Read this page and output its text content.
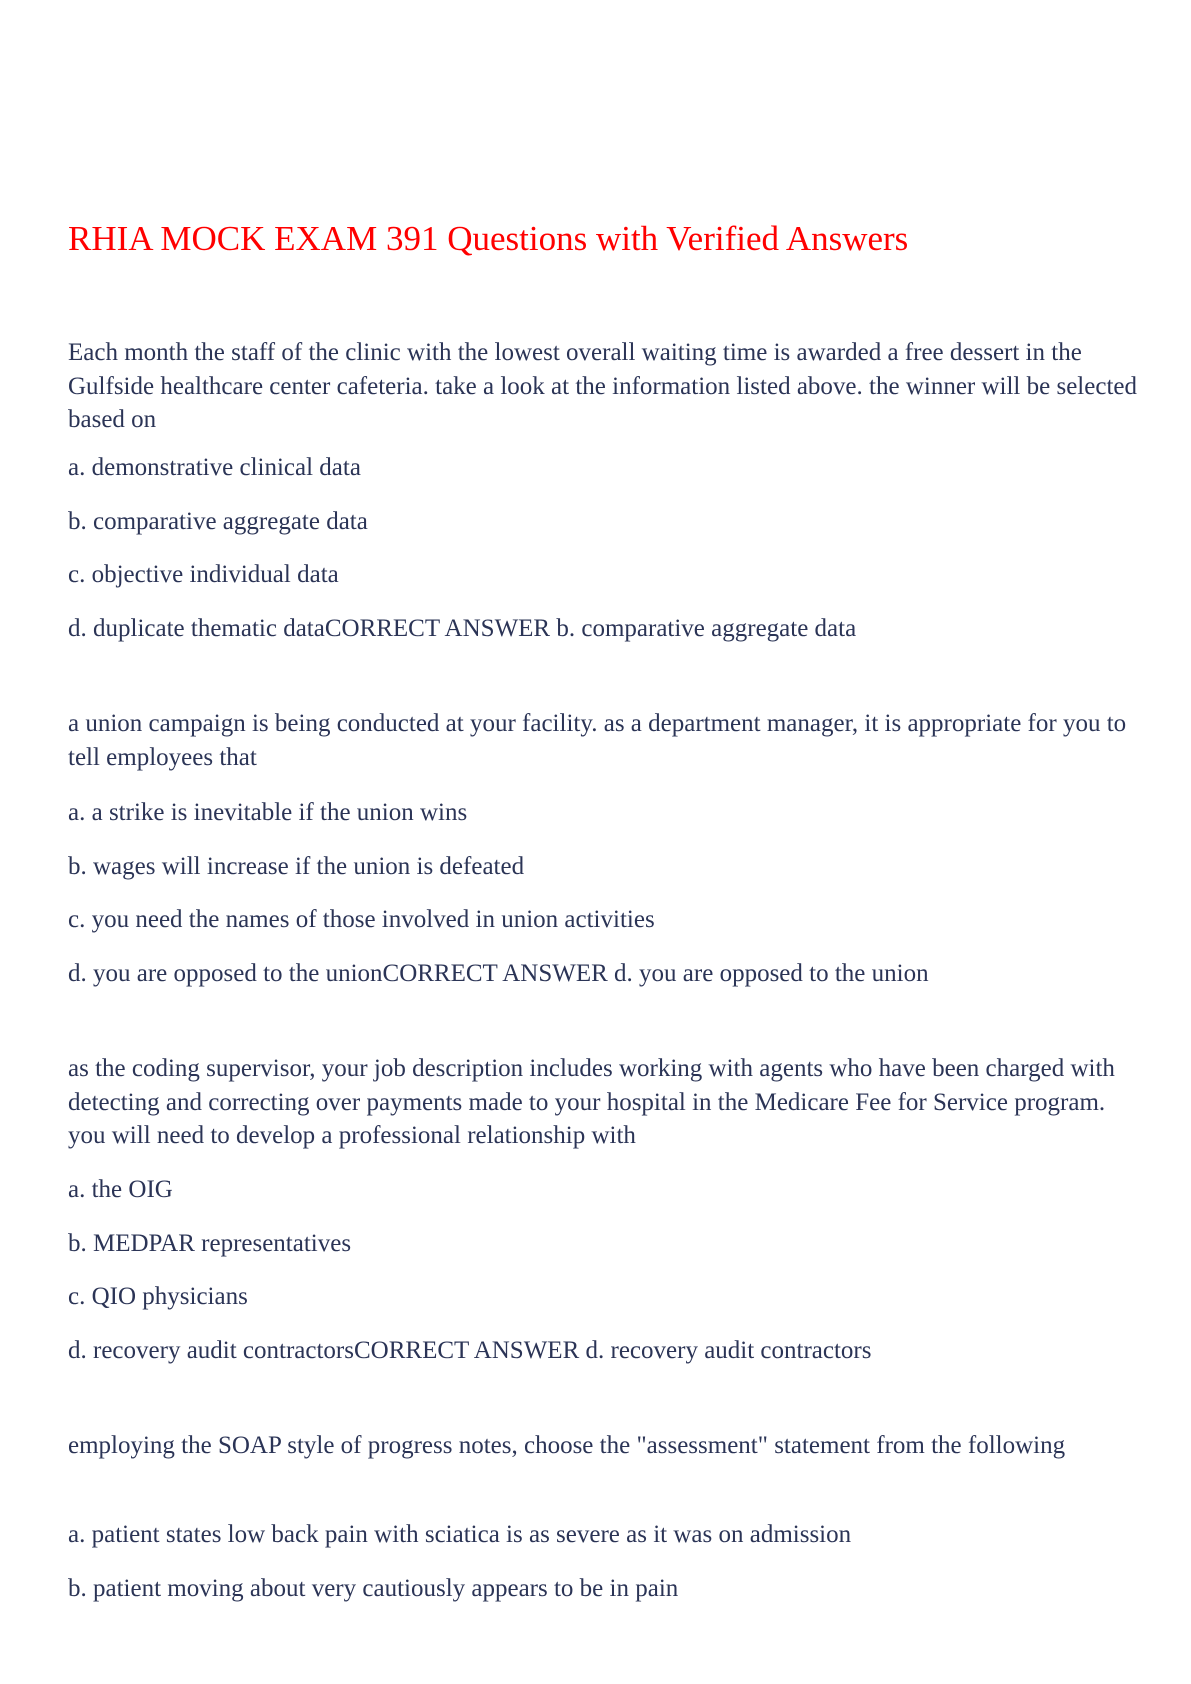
RHIA MOCK EXAM 391 Questions with Verified Answers

Each month the staff of the clinic with the lowest overall waiting time is awarded a free dessert in the Gulfside healthcare center cafeteria. take a look at the information listed above. the winner will be selected based on

a. demonstrative clinical data

b. comparative aggregate data

c. objective individual data

d. duplicate thematic dataCORRECT ANSWER b. comparative aggregate data

a union campaign is being conducted at your facility. as a department manager, it is appropriate for you to tell employees that

a. a strike is inevitable if the union wins

b. wages will increase if the union is defeated

c. you need the names of those involved in union activities

d. you are opposed to the unionCORRECT ANSWER d. you are opposed to the union

as the coding supervisor, your job description includes working with agents who have been charged with detecting and correcting over payments made to your hospital in the Medicare Fee for Service program. you will need to develop a professional relationship with

a. the OIG

b. MEDPAR representatives

c. QIO physicians

d. recovery audit contractorsCORRECT ANSWER d. recovery audit contractors

employing the SOAP style of progress notes, choose the "assessment" statement from the following

a. patient states low back pain with sciatica is as severe as it was on admission

b. patient moving about very cautiously appears to be in pain
